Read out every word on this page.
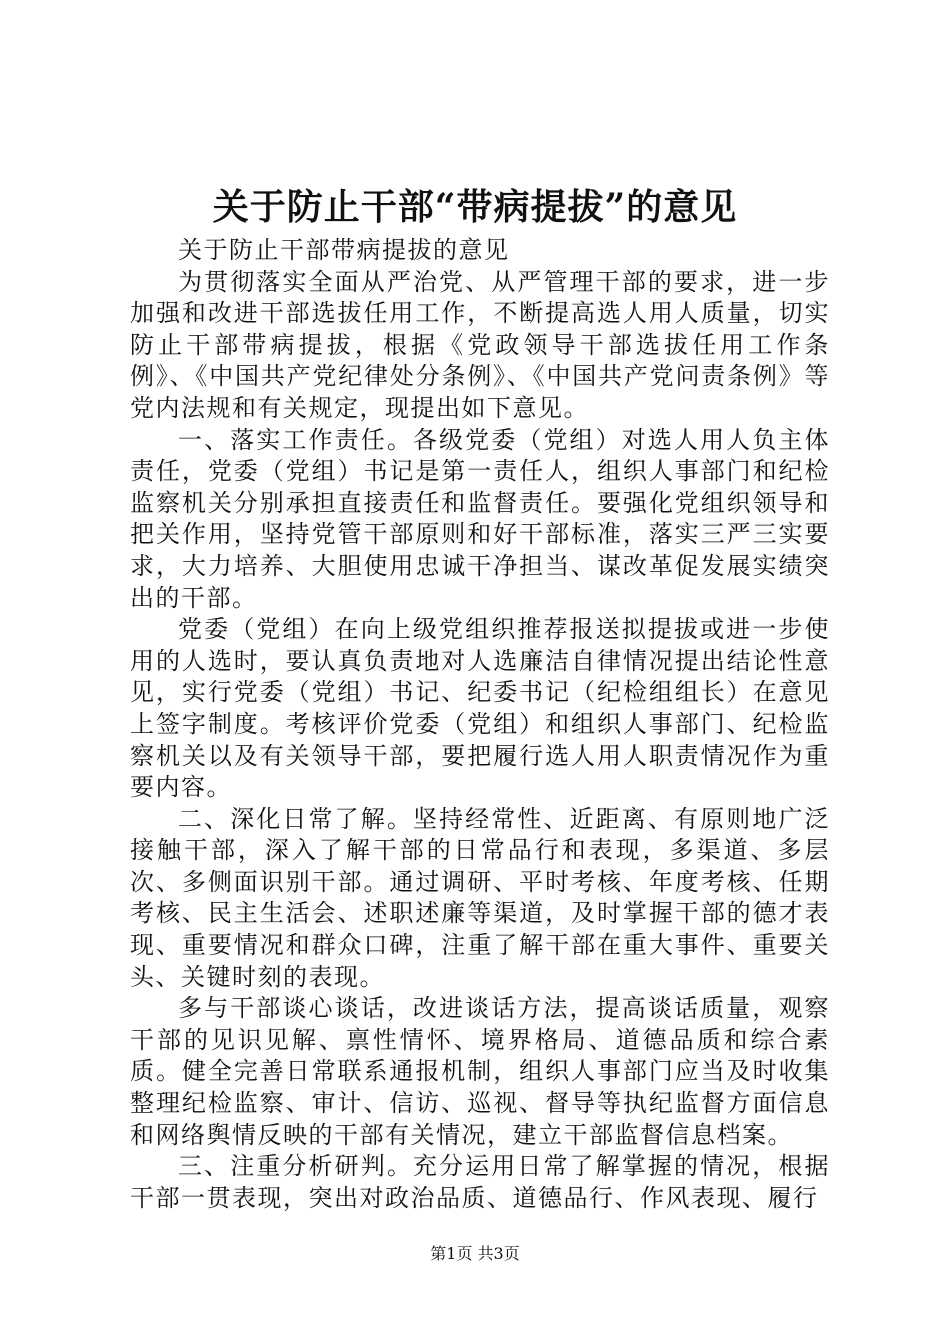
关于防止干部“带病提拔”的意见

关于防止干部带病提拔的意见

为贯彻落实全面从严治党、从严管理干部的要求，进一步加强和改进干部选拔任用工作，不断提高选人用人质量，切实防止干部带病提拔，根据《党政领导干部选拔任用工作条例》、《中国共产党纪律处分条例》、《中国共产党问责条例》等党内法规和有关规定，现提出如下意见。

一、落实工作责任。各级党委（党组）对选人用人负主体责任，党委（党组）书记是第一责任人，组织人事部门和纪检监察机关分别承担直接责任和监督责任。要强化党组织领导和把关作用，坚持党管干部原则和好干部标准，落实三严三实要求，大力培养、大胆使用忠诚干净担当、谋改革促发展实绩突出的干部。

党委（党组）在向上级党组织推荐报送拟提拔或进一步使用的人选时，要认真负责地对人选廉洁自律情况提出结论性意见，实行党委（党组）书记、纪委书记（纪检组组长）在意见上签字制度。考核评价党委（党组）和组织人事部门、纪检监察机关以及有关领导干部，要把履行选人用人职责情况作为重要内容。

二、深化日常了解。坚持经常性、近距离、有原则地广泛接触干部，深入了解干部的日常品行和表现，多渠道、多层次、多侧面识别干部。通过调研、平时考核、年度考核、任期考核、民主生活会、述职述廉等渠道，及时掌握干部的德才表现、重要情况和群众口碑，注重了解干部在重大事件、重要关头、关键时刻的表现。

多与干部谈心谈话，改进谈话方法，提高谈话质量，观察干部的见识见解、禀性情怀、境界格局、道德品质和综合素质。健全完善日常联系通报机制，组织人事部门应当及时收集整理纪检监察、审计、信访、巡视、督导等执纪监督方面信息和网络舆情反映的干部有关情况，建立干部监督信息档案。

三、注重分析研判。充分运用日常了解掌握的情况，根据干部一贯表现，突出对政治品质、道德品行、作风表现、履行

第1页 共3页
